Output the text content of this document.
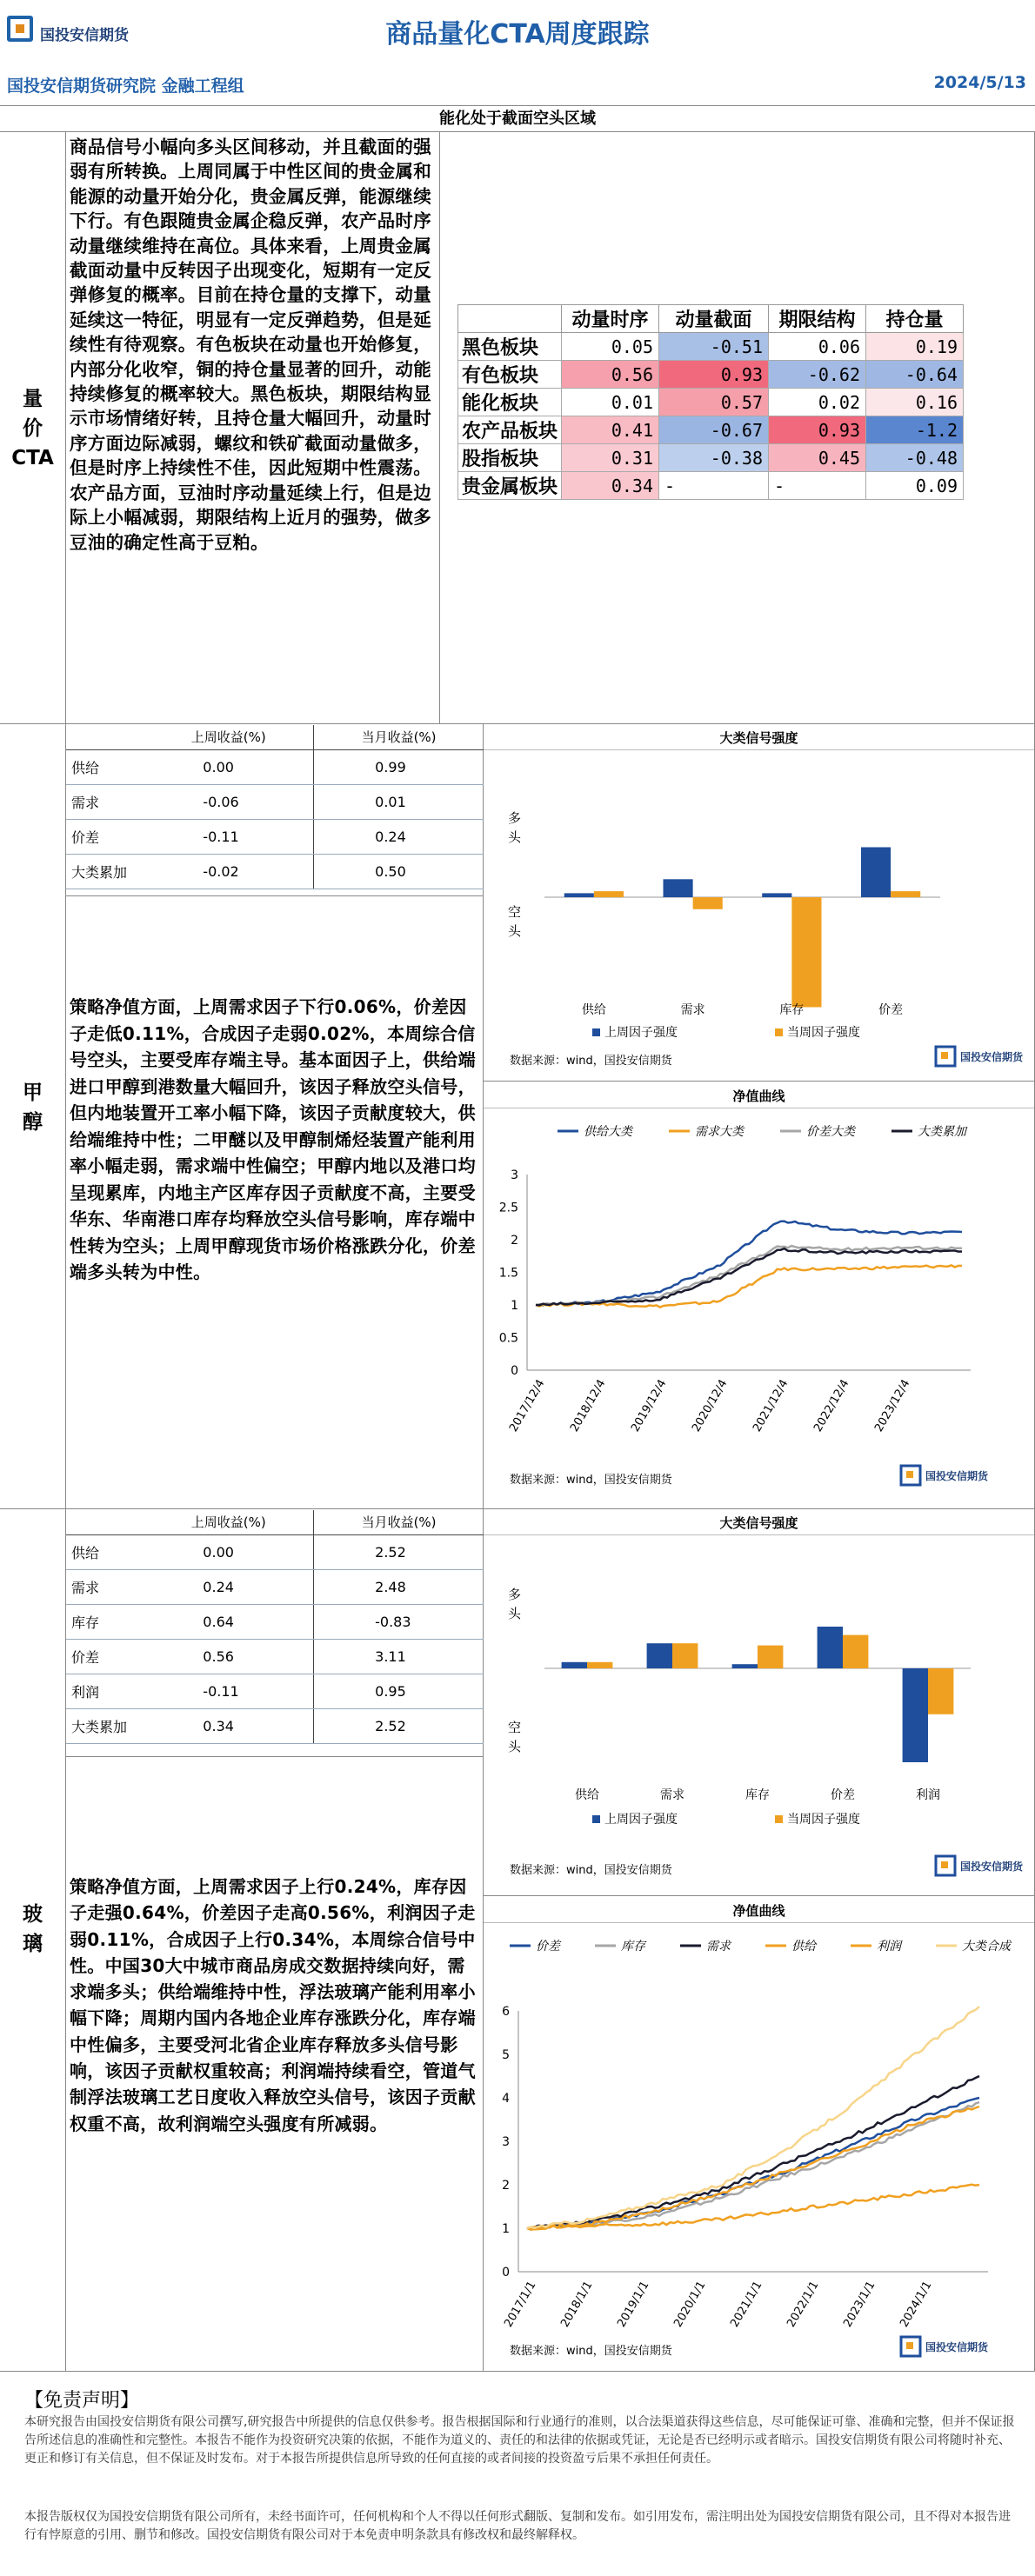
国投安信期货	商品量化CTA周度跟踪
国投安信期货研究院 金融工程组	2024/5/13
能化处于截面空头区域
量
价
CTA
商品信号小幅向多头区间移动，并且截面的强弱有所转换。上周同属于中性区间的贵金属和能源的动量开始分化，贵金属反弹，能源继续下行。有色跟随贵金属企稳反弹，农产品时序动量继续维持在高位。具体来看，上周贵金属截面动量中反转因子出现变化，短期有一定反弹修复的概率。目前在持仓量的支撑下，动量延续这一特征，明显有一定反弹趋势，但是延续性有待观察。有色板块在动量也开始修复，内部分化收窄，铜的持仓量显著的回升，动能持续修复的概率较大。黑色板块，期限结构显示市场情绪好转，且持仓量大幅回升，动量时序方面边际减弱，螺纹和铁矿截面动量做多，但是时序上持续性不佳，因此短期中性震荡。农产品方面，豆油时序动量延续上行，但是边际上小幅减弱，期限结构上近月的强势，做多豆油的确定性高于豆粕。
	动量时序	动量截面	期限结构	持仓量
黑色板块	0.05	-0.51	0.06	0.19
有色板块	0.56	0.93	-0.62	-0.64
能化板块	0.01	0.57	0.02	0.16
农产品板块	0.41	-0.67	0.93	-1.2
股指板块	0.31	-0.38	0.45	-0.48
贵金属板块	0.34	-	-	0.09
甲
醇
	上周收益(%)	当月收益(%)
供给	0.00	0.99
需求	-0.06	0.01
价差	-0.11	0.24
大类累加	-0.02	0.50
策略净值方面，上周需求因子下行0.06%，价差因子走低0.11%，合成因子走弱0.02%，本周综合信号空头，主要受库存端主导。基本面因子上，供给端进口甲醇到港数量大幅回升，该因子释放空头信号，但内地装置开工率小幅下降，该因子贡献度较大，供给端维持中性；二甲醚以及甲醇制烯烃装置产能利用率小幅走弱，需求端中性偏空；甲醇内地以及港口均呈现累库，内地主产区库存因子贡献度不高，主要受华东、华南港口库存均释放空头信号影响，库存端中性转为空头；上周甲醇现货市场价格涨跌分化，价差端多头转为中性。
大类信号强度
多
头
空
头
供给	需求	库存	价差
上周因子强度	当周因子强度
数据来源：wind，国投安信期货	国投安信期货
净值曲线
0
0.5
1
1.5
2
2.5
3
2017/12/4 2018/12/4 2019/12/4 2020/12/4 2021/12/4 2022/12/4 2023/12/4
供给大类	需求大类	价差大类	大类累加
数据来源：wind，国投安信期货	国投安信期货
玻
璃
	上周收益(%)	当月收益(%)
供给	0.00	2.52
需求	0.24	2.48
库存	0.64	-0.83
价差	0.56	3.11
利润	-0.11	0.95
大类累加	0.34	2.52
策略净值方面，上周需求因子上行0.24%，库存因子走强0.64%，价差因子走高0.56%，利润因子走弱0.11%，合成因子上行0.34%，本周综合信号中性。中国30大中城市商品房成交数据持续向好，需求端多头；供给端维持中性，浮法玻璃产能利用率小幅下降；周期内国内各地企业库存涨跌分化，库存端中性偏多，主要受河北省企业库存释放多头信号影响，该因子贡献权重较高；利润端持续看空，管道气制浮法玻璃工艺日度收入释放空头信号，该因子贡献权重不高，故利润端空头强度有所减弱。
大类信号强度
多
头
空
头
供给	需求	库存	价差	利润
上周因子强度	当周因子强度
数据来源：wind，国投安信期货	国投安信期货
净值曲线
0
1
2
3
4
5
6
2017/1/1 2018/1/1 2019/1/1 2020/1/1 2021/1/1 2022/1/1 2023/1/1 2024/1/1
价差	库存	需求	供给	利润	大类合成
数据来源：wind，国投安信期货	国投安信期货
【免责声明】
本研究报告由国投安信期货有限公司撰写,研究报告中所提供的信息仅供参考。报告根据国际和行业通行的准则，以合法渠道获得这些信息，尽可能保证可靠、准确和完整，但并不保证报告所述信息的准确性和完整性。本报告不能作为投资研究决策的依据，不能作为道义的、责任的和法律的依据或凭证，无论是否已经明示或者暗示。国投安信期货有限公司将随时补充、更正和修订有关信息，但不保证及时发布。对于本报告所提供信息所导致的任何直接的或者间接的投资盈亏后果不承担任何责任。
本报告版权仅为国投安信期货有限公司所有，未经书面许可，任何机构和个人不得以任何形式翻版、复制和发布。如引用发布，需注明出处为国投安信期货有限公司，且不得对本报告进行有悖原意的引用、删节和修改。国投安信期货有限公司对于本免责申明条款具有修改权和最终解释权。
